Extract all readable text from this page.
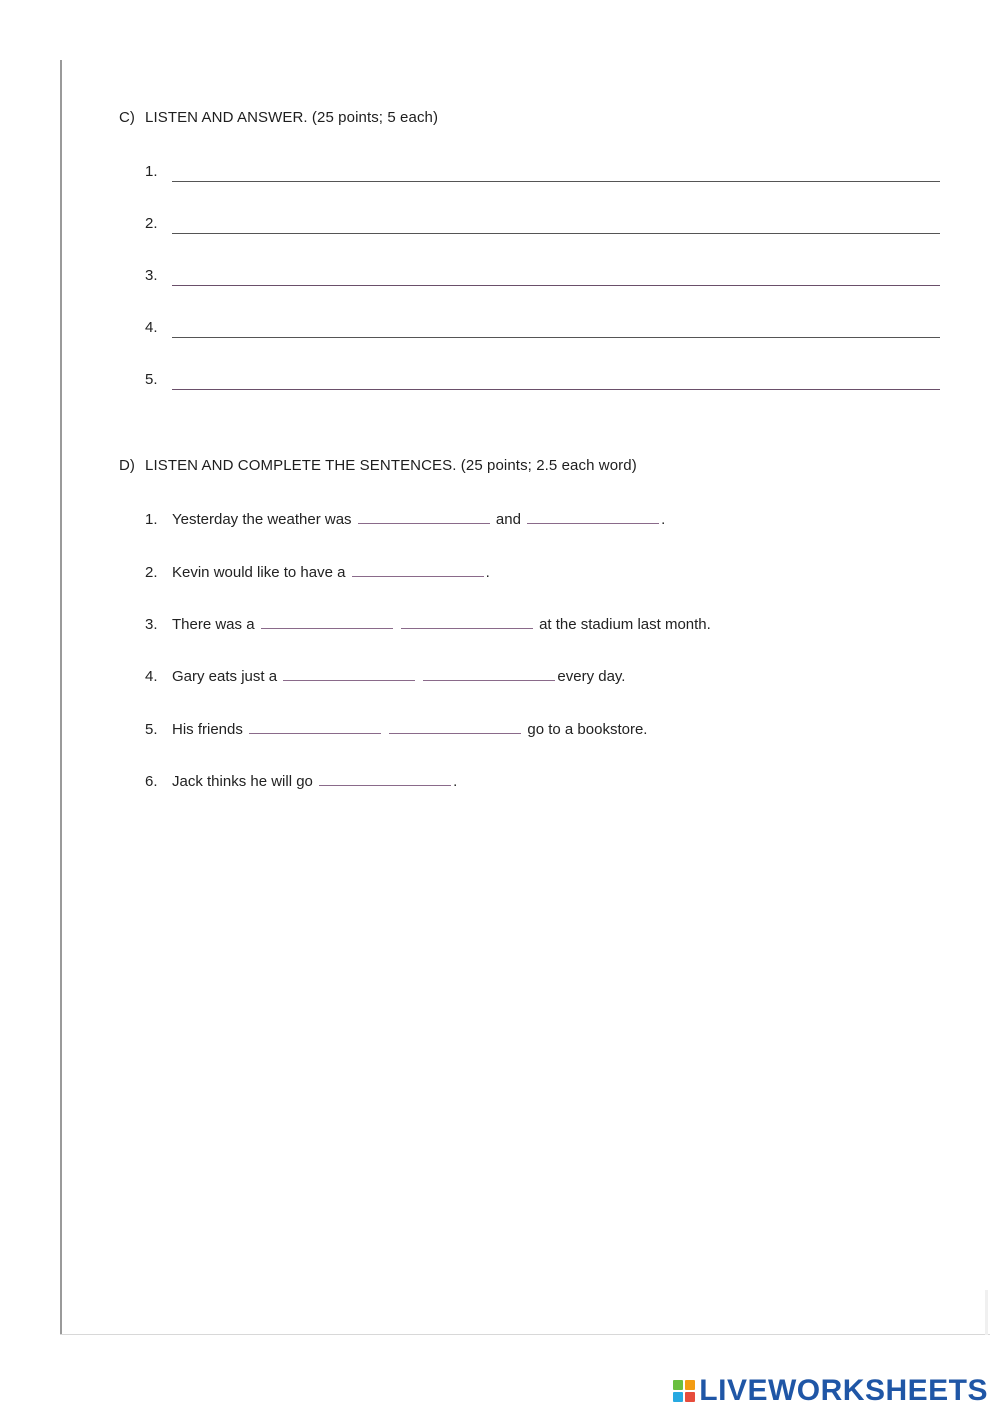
C) LISTEN AND ANSWER. (25 points; 5 each)
1.
2.
3.
4.
5.
D) LISTEN AND COMPLETE THE SENTENCES. (25 points; 2.5 each word)
1. Yesterday the weather was	and	.
2. Kevin would like to have a	.
3. There was a	at the stadium last month.
4. Gary eats just a	every day.
5. His friends	go to a bookstore.
6. Jack thinks he will go	.
LIVEWORKSHEETS
